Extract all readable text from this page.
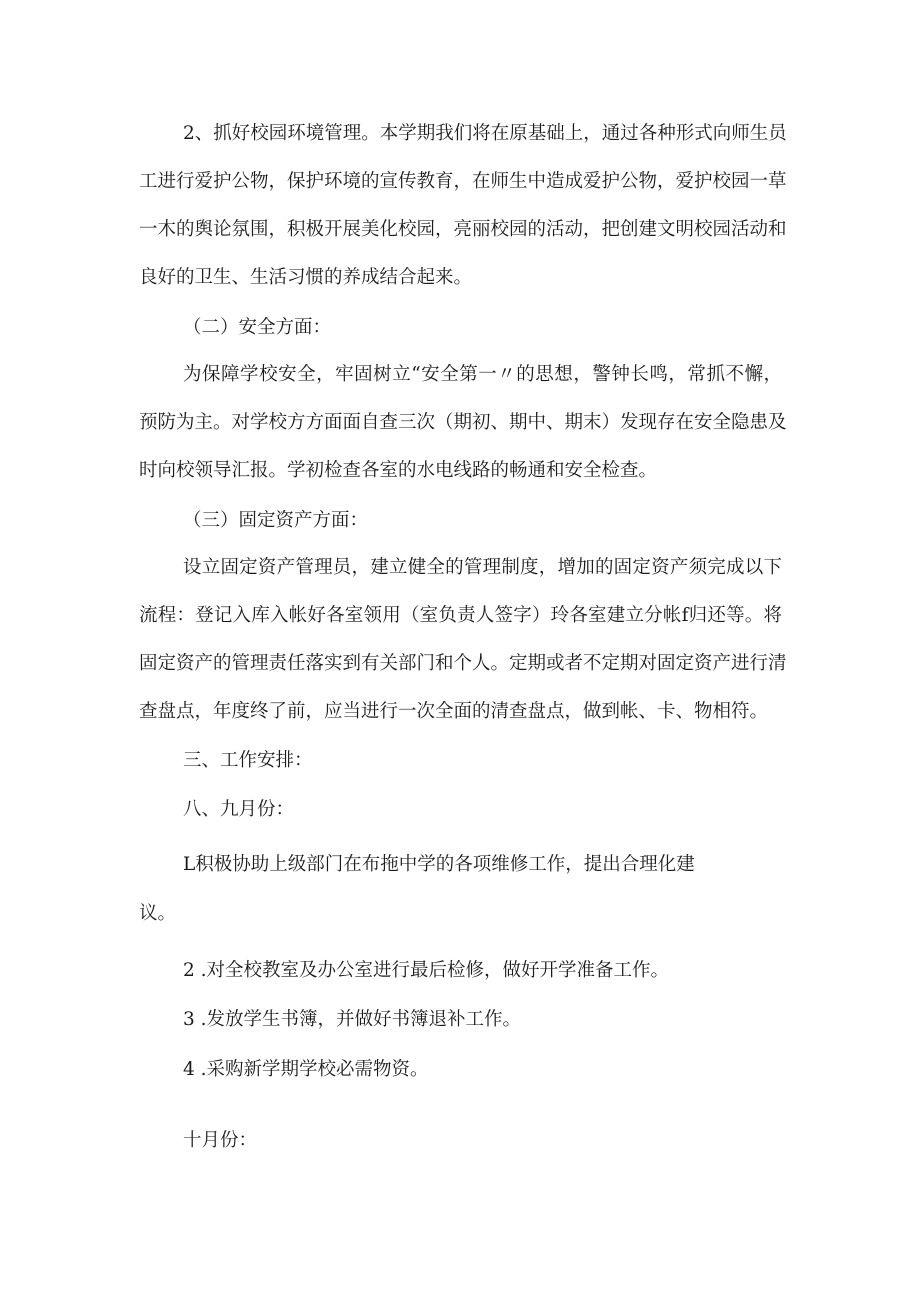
2、抓好校园环境管理。本学期我们将在原基础上，通过各种形式向师生员

工进行爱护公物，保护环境的宣传教育，在师生中造成爱护公物，爱护校园一草

一木的舆论氛围，积极开展美化校园，亮丽校园的活动，把创建文明校园活动和

良好的卫生、生活习惯的养成结合起来。

（二）安全方面：

为保障学校安全，牢固树立“安全第一〃的思想，警钟长鸣，常抓不懈，

预防为主。对学校方方面面自查三次（期初、期中、期末）发现存在安全隐患及

时向校领导汇报。学初检查各室的水电线路的畅通和安全检查。

（三）固定资产方面：

设立固定资产管理员，建立健全的管理制度，增加的固定资产须完成以下

流程：登记入库入帐好各室领用（室负责人签字）玲各室建立分帐f归还等。将

固定资产的管理责任落实到有关部门和个人。定期或者不定期对固定资产进行清

查盘点，年度终了前，应当进行一次全面的清查盘点，做到帐、卡、物相符。

三、工作安排：

八、九月份：

L积极协助上级部门在布拖中学的各项维修工作，提出合理化建

议。

2 .对全校教室及办公室进行最后检修，做好开学准备工作。

3 .发放学生书簿，并做好书簿退补工作。

4 .采购新学期学校必需物资。

十月份：
